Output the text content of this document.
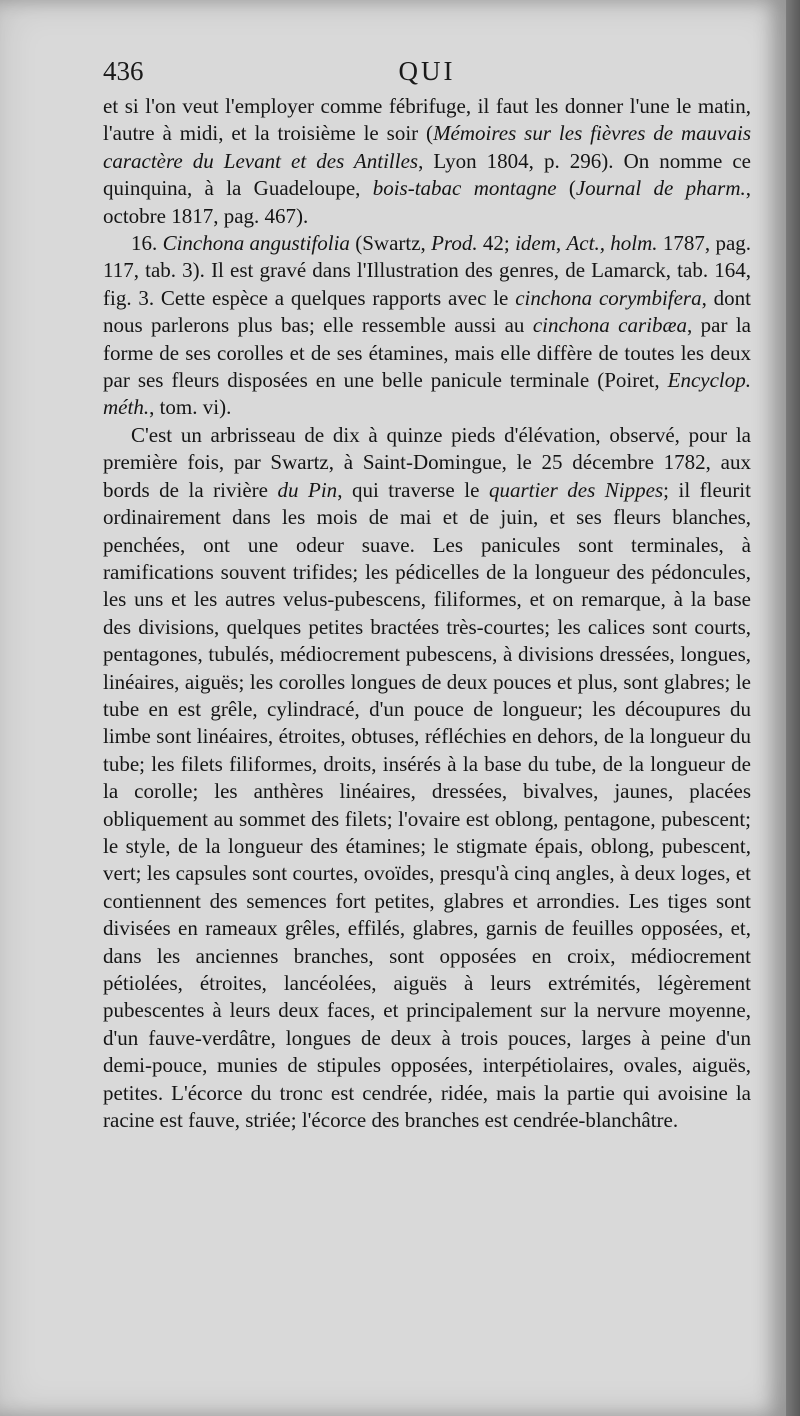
436	QUI

et si l'on veut l'employer comme fébrifuge, il faut les donner l'une le matin, l'autre à midi, et la troisième le soir (Mémoires sur les fièvres de mauvais caractère du Levant et des Antilles, Lyon 1804, p. 296). On nomme ce quinquina, à la Guadeloupe, bois-tabac montagne (Journal de pharm., octobre 1817, pag. 467).

16. Cinchona angustifolia (Swartz, Prod. 42; idem, Act., holm. 1787, pag. 117, tab. 3). Il est gravé dans l'Illustration des genres, de Lamarck, tab. 164, fig. 3. Cette espèce a quelques rapports avec le cinchona corymbifera, dont nous parlerons plus bas; elle ressemble aussi au cinchona caribæa, par la forme de ses corolles et de ses étamines, mais elle diffère de toutes les deux par ses fleurs disposées en une belle panicule terminale (Poiret, Encyclop. méth., tom. vi).

C'est un arbrisseau de dix à quinze pieds d'élévation, observé, pour la première fois, par Swartz, à Saint-Domingue, le 25 décembre 1782, aux bords de la rivière du Pin, qui traverse le quartier des Nippes; il fleurit ordinairement dans les mois de mai et de juin, et ses fleurs blanches, penchées, ont une odeur suave. Les panicules sont terminales, à ramifications souvent trifides; les pédicelles de la longueur des pédoncules, les uns et les autres velus-pubescens, filiformes, et on remarque, à la base des divisions, quelques petites bractées très-courtes; les calices sont courts, pentagones, tubulés, médiocrement pubescens, à divisions dressées, longues, linéaires, aiguës; les corolles longues de deux pouces et plus, sont glabres; le tube en est grêle, cylindracé, d'un pouce de longueur; les découpures du limbe sont linéaires, étroites, obtuses, réfléchies en dehors, de la longueur du tube; les filets filiformes, droits, insérés à la base du tube, de la longueur de la corolle; les anthères linéaires, dressées, bivalves, jaunes, placées obliquement au sommet des filets; l'ovaire est oblong, pentagone, pubescent; le style, de la longueur des étamines; le stigmate épais, oblong, pubescent, vert; les capsules sont courtes, ovoïdes, presqu'à cinq angles, à deux loges, et contiennent des semences fort petites, glabres et arrondies. Les tiges sont divisées en rameaux grêles, effilés, glabres, garnis de feuilles opposées, et, dans les anciennes branches, sont opposées en croix, médiocrement pétiolées, étroites, lancéolées, aiguës à leurs extrémités, légèrement pubescentes à leurs deux faces, et principalement sur la nervure moyenne, d'un fauve-verdâtre, longues de deux à trois pouces, larges à peine d'un demi-pouce, munies de stipules opposées, interpétiolaires, ovales, aiguës, petites. L'écorce du tronc est cendrée, ridée, mais la partie qui avoisine la racine est fauve, striée; l'écorce des branches est cendrée-blanchâtre.
